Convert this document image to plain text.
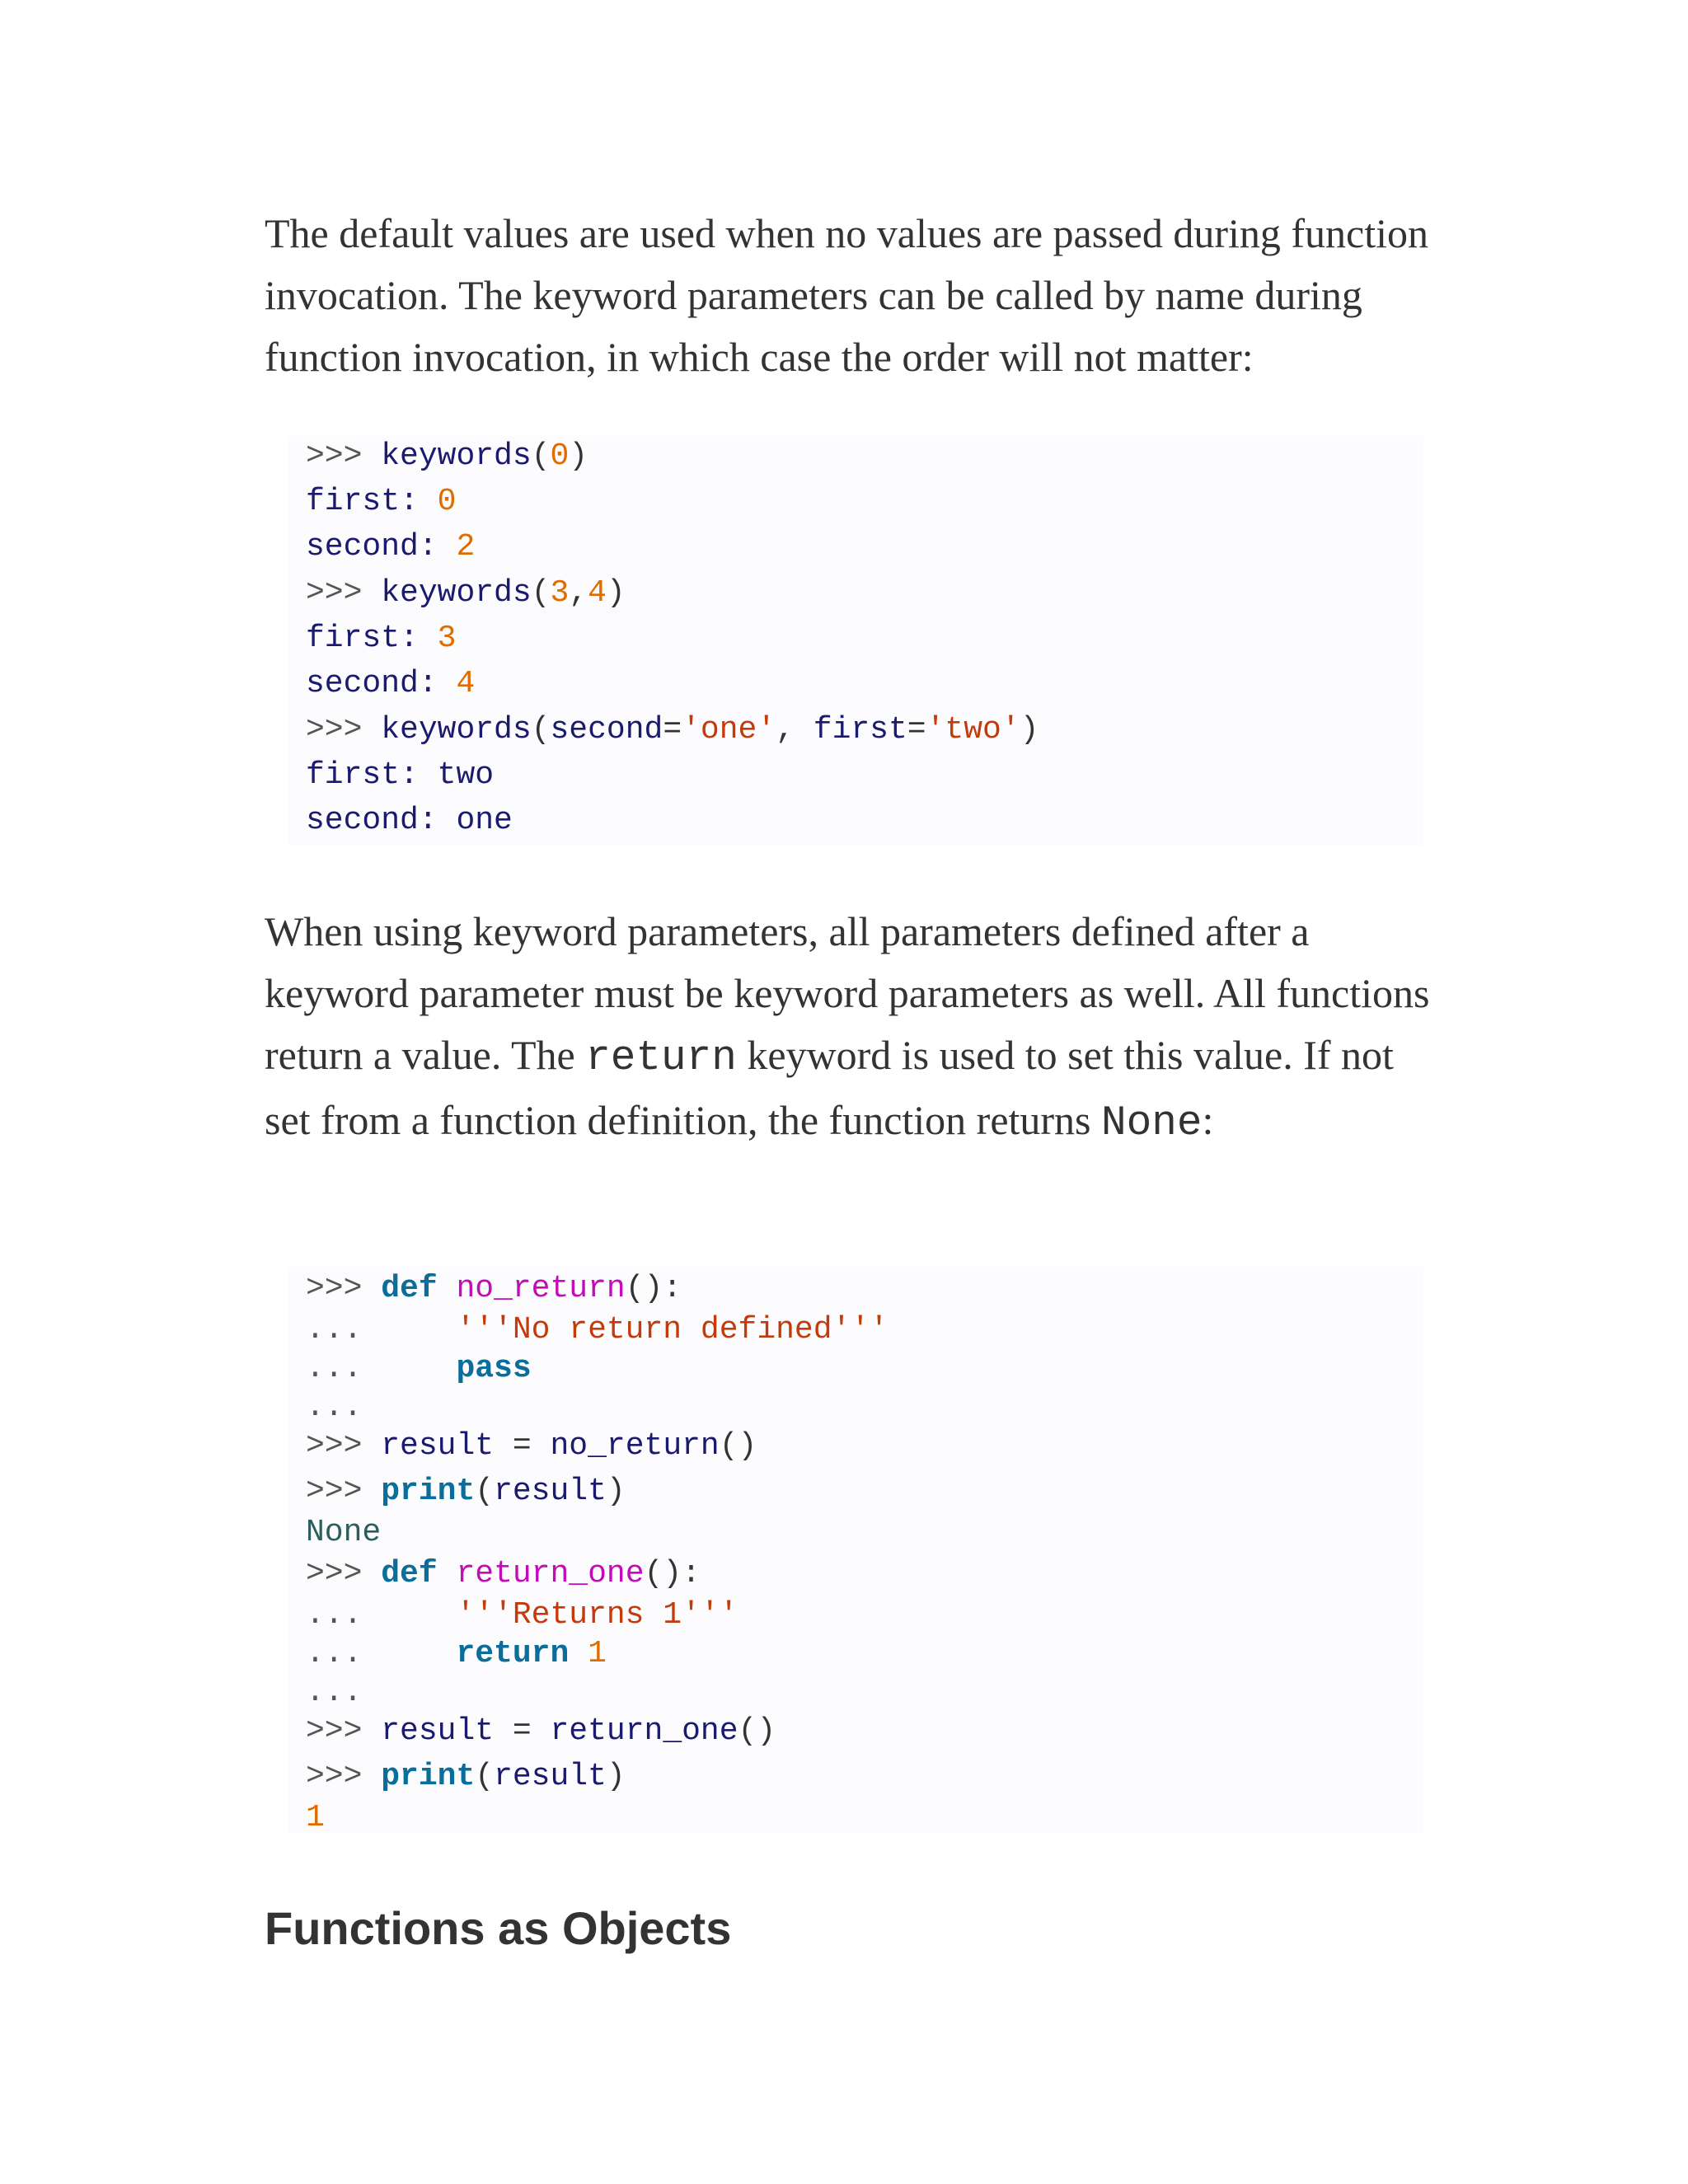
The default values are used when no values are passed during function invocation. The keyword parameters can be called by name during function invocation, in which case the order will not matter:

>>> keywords(0)
first: 0
second: 2
>>> keywords(3,4)
first: 3
second: 4
>>> keywords(second='one', first='two')
first: two
second: one

When using keyword parameters, all parameters defined after a keyword parameter must be keyword parameters as well. All functions return a value. The return keyword is used to set this value. If not set from a function definition, the function returns None:

>>> def no_return():
...	'''No return defined'''
...	pass
...
>>> result = no_return()
>>> print(result)
None
>>> def return_one():
...	'''Returns 1'''
...	return 1
...
>>> result = return_one()
>>> print(result)
1
Functions as Objects
